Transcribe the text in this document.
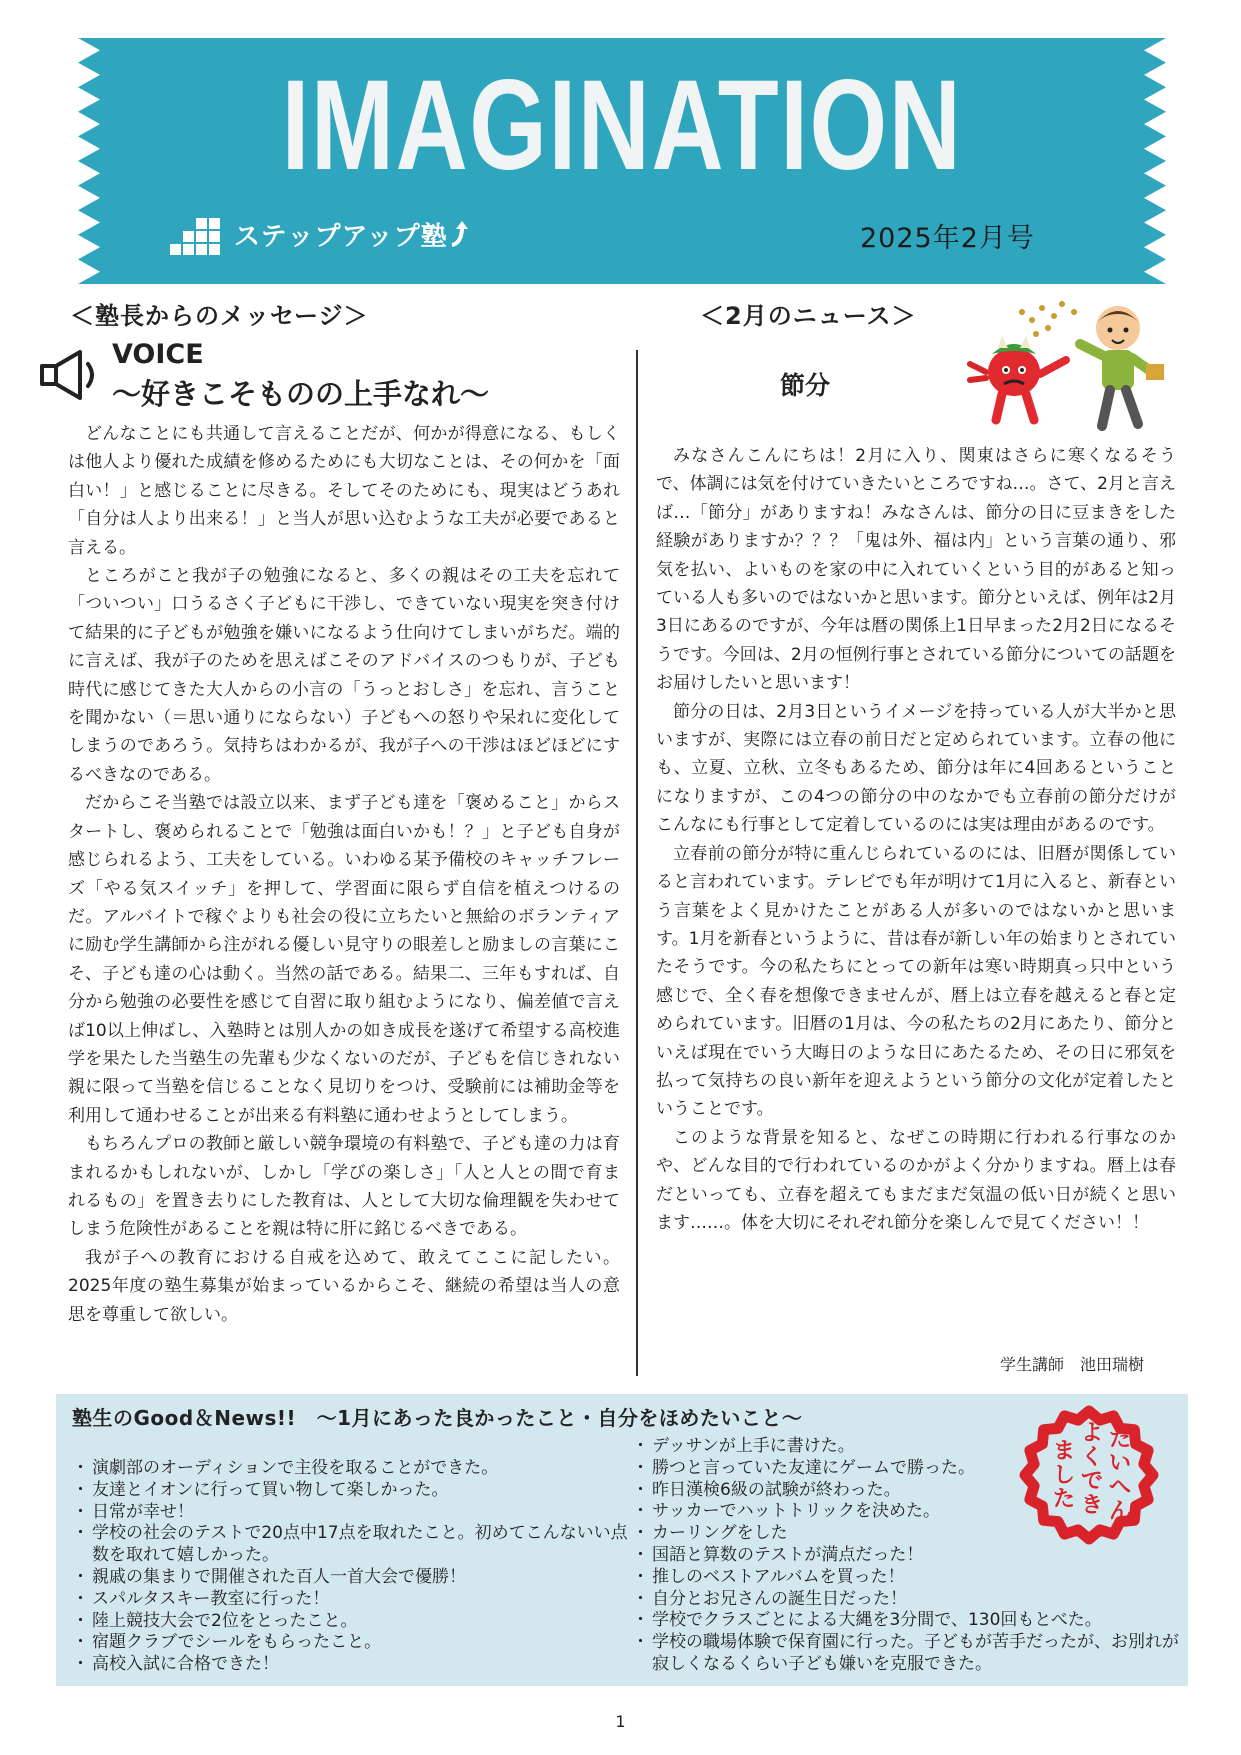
IMAGINATION
ステップアップ塾	2025年2月号
＜塾長からのメッセージ＞	＜2月のニュース＞
VOICE
～好きこそものの上手なれ～

どんなことにも共通して言えることだが、何かが得意になる、もしくは他人より優れた成績を修めるためにも大切なことは、その何かを「面白い！」と感じることに尽きる。そしてそのためにも、現実はどうあれ「自分は人より出来る！」と当人が思い込むような工夫が必要であると言える。

ところがこと我が子の勉強になると、多くの親はその工夫を忘れて「ついつい」口うるさく子どもに干渉し、できていない現実を突き付けて結果的に子どもが勉強を嫌いになるよう仕向けてしまいがちだ。端的に言えば、我が子のためを思えばこそのアドバイスのつもりが、子ども時代に感じてきた大人からの小言の「うっとおしさ」を忘れ、言うことを聞かない（＝思い通りにならない）子どもへの怒りや呆れに変化してしまうのであろう。気持ちはわかるが、我が子への干渉はほどほどにするべきなのである。

だからこそ当塾では設立以来、まず子ども達を「褒めること」からスタートし、褒められることで「勉強は面白いかも！？」と子ども自身が感じられるよう、工夫をしている。いわゆる某予備校のキャッチフレーズ「やる気スイッチ」を押して、学習面に限らず自信を植えつけるのだ。アルバイトで稼ぐよりも社会の役に立ちたいと無給のボランティアに励む学生講師から注がれる優しい見守りの眼差しと励ましの言葉にこそ、子ども達の心は動く。当然の話である。結果二、三年もすれば、自分から勉強の必要性を感じて自習に取り組むようになり、偏差値で言えば10以上伸ばし、入塾時とは別人かの如き成長を遂げて希望する高校進学を果たした当塾生の先輩も少なくないのだが、子どもを信じきれない親に限って当塾を信じることなく見切りをつけ、受験前には補助金等を利用して通わせることが出来る有料塾に通わせようとしてしまう。

もちろんプロの教師と厳しい競争環境の有料塾で、子ども達の力は育まれるかもしれないが、しかし「学びの楽しさ」「人と人との間で育まれるもの」を置き去りにした教育は、人として大切な倫理観を失わせてしまう危険性があることを親は特に肝に銘じるべきである。

我が子への教育における自戒を込めて、敢えてここに記したい。2025年度の塾生募集が始まっているからこそ、継続の希望は当人の意思を尊重して欲しい。

節分

みなさんこんにちは！2月に入り、関東はさらに寒くなるそうで、体調には気を付けていきたいところですね…。さて、2月と言えば…「節分」がありますね！みなさんは、節分の日に豆まきをした経験がありますか？？？「鬼は外、福は内」という言葉の通り、邪気を払い、よいものを家の中に入れていくという目的があると知っている人も多いのではないかと思います。節分といえば、例年は2月3日にあるのですが、今年は暦の関係上1日早まった2月2日になるそうです。今回は、2月の恒例行事とされている節分についての話題をお届けしたいと思います！

節分の日は、2月3日というイメージを持っている人が大半かと思いますが、実際には立春の前日だと定められています。立春の他にも、立夏、立秋、立冬もあるため、節分は年に4回あるということになりますが、この4つの節分の中のなかでも立春前の節分だけがこんなにも行事として定着しているのには実は理由があるのです。

立春前の節分が特に重んじられているのには、旧暦が関係していると言われています。テレビでも年が明けて1月に入ると、新春という言葉をよく見かけたことがある人が多いのではないかと思います。1月を新春というように、昔は春が新しい年の始まりとされていたそうです。今の私たちにとっての新年は寒い時期真っ只中という感じで、全く春を想像できませんが、暦上は立春を越えると春と定められています。旧暦の1月は、今の私たちの2月にあたり、節分といえば現在でいう大晦日のような日にあたるため、その日に邪気を払って気持ちの良い新年を迎えようという節分の文化が定着したということです。

このような背景を知ると、なぜこの時期に行われる行事なのかや、どんな目的で行われているのかがよく分かりますね。暦上は春だといっても、立春を超えてもまだまだ気温の低い日が続くと思います……。体を大切にそれぞれ節分を楽しんで見てください！！

学生講師　池田瑞樹
塾生のGood＆News!!　～1月にあった良かったこと・自分をほめたいこと～
・ 演劇部のオーディションで主役を取ることができた。
・ 友達とイオンに行って買い物して楽しかった。
・ 日常が幸せ！
・ 学校の社会のテストで20点中17点を取れたこと。初めてこんないい点数を取れて嬉しかった。
・ 親戚の集まりで開催された百人一首大会で優勝！
・ スパルタスキー教室に行った！
・ 陸上競技大会で2位をとったこと。
・ 宿題クラブでシールをもらったこと。
・ 高校入試に合格できた！
・ デッサンが上手に書けた。
・ 勝つと言っていた友達にゲームで勝った。
・ 昨日漢検6級の試験が終わった。
・ サッカーでハットトリックを決めた。
・ カーリングをした
・ 国語と算数のテストが満点だった！
・ 推しのベストアルバムを買った！
・ 自分とお兄さんの誕生日だった！
・ 学校でクラスごとによる大縄を3分間で、130回もとべた。
・ 学校の職場体験で保育園に行った。子どもが苦手だったが、お別れが寂しくなるくらい子ども嫌いを克服できた。
た
い
へ
ん
よ
く
で
き
ま
し
た
1
